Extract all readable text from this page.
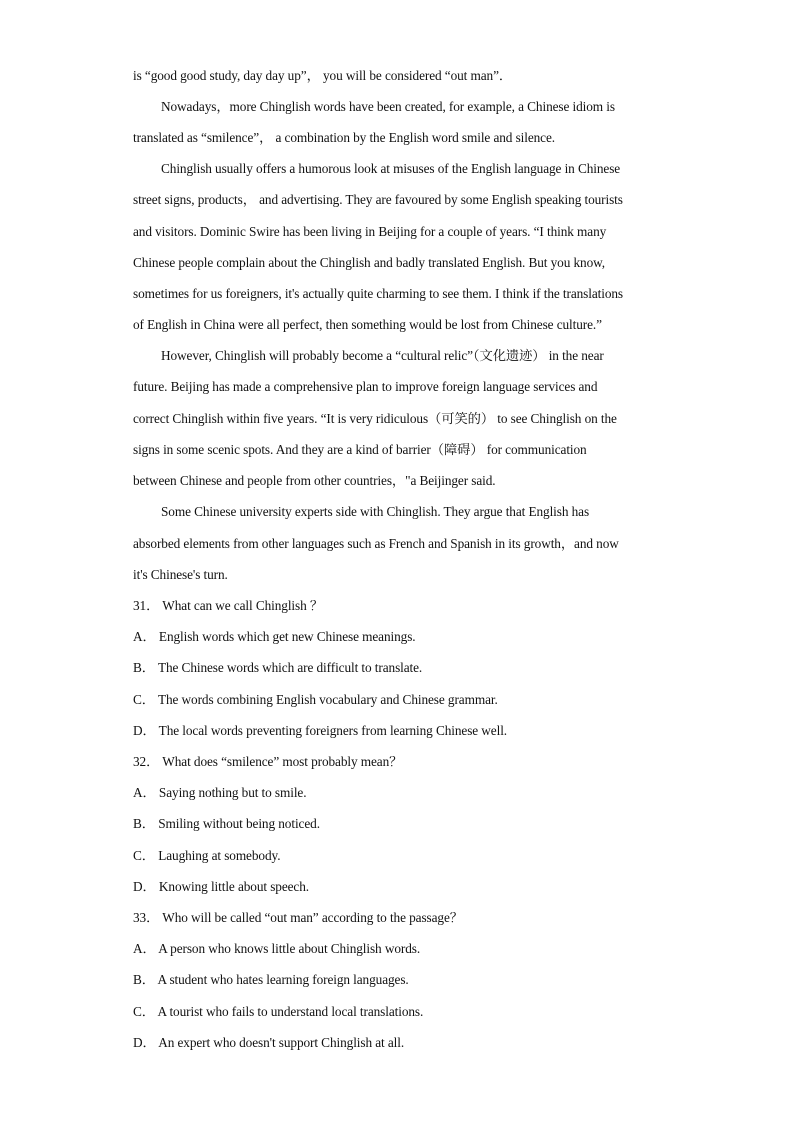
is “good good study, day day up”， you will be considered “out man”．
Nowadays，more Chinglish words have been created, for example, a Chinese idiom is
translated as “smilence”， a combination by the English word smile and silence.
Chinglish usually offers a humorous look at misuses of the English language in Chinese
street signs, products， and advertising. They are favoured by some English speaking tourists
and visitors. Dominic Swire has been living in Beijing for a couple of years. “I think many
Chinese people complain about the Chinglish and badly translated English. But you know,
sometimes for us foreigners, it's actually quite charming to see them. I think if the translations
of English in China were all perfect, then something would be lost from Chinese culture.”
However, Chinglish will probably become a “cultural relic”（文化遗迹） in the near
future. Beijing has made a comprehensive plan to improve foreign language services and
correct Chinglish within five years. “It is very ridiculous（可笑的） to see Chinglish on the
signs in some scenic spots. And they are a kind of barrier（障碍） for communication
between Chinese and people from other countries，"a Beijinger said.
Some Chinese university experts side with Chinglish. They argue that English has
absorbed elements from other languages such as French and Spanish in its growth，and now
it's Chinese's turn.
31． What can we call Chinglish ？
A． English words which get new Chinese meanings.
B． The Chinese words which are difficult to translate.
C． The words combining English vocabulary and Chinese grammar.
D． The local words preventing foreigners from learning Chinese well.
32． What does “smilence” most probably mean？
A． Saying nothing but to smile.
B． Smiling without being noticed.
C． Laughing at somebody.
D． Knowing little about speech.
33． Who will be called “out man” according to the passage？
A． A person who knows little about Chinglish words.
B． A student who hates learning foreign languages.
C． A tourist who fails to understand local translations.
D． An expert who doesn't support Chinglish at all.
